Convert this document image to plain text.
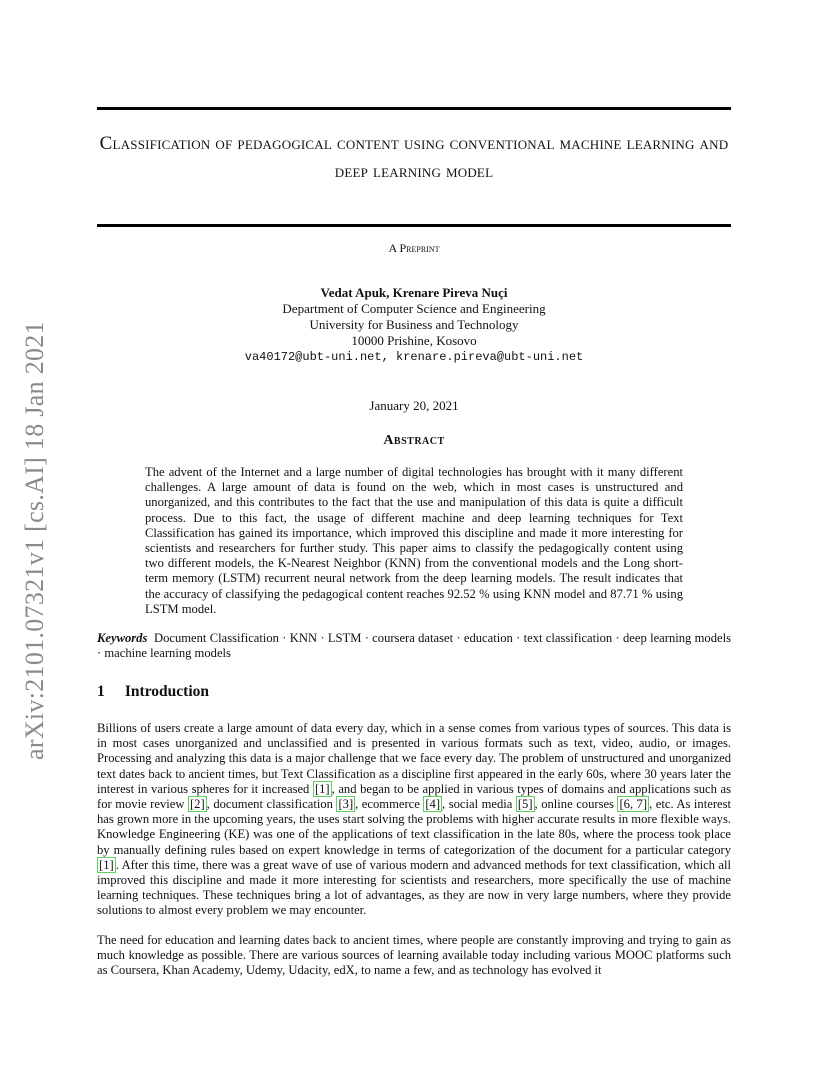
arXiv:2101.07321v1 [cs.AI] 18 Jan 2021
Classification of pedagogical content using conventional machine learning and deep learning model
A Preprint
Vedat Apuk, Krenare Pireva Nuçi
Department of Computer Science and Engineering
University for Business and Technology
10000 Prishine, Kosovo
va40172@ubt-uni.net, krenare.pireva@ubt-uni.net
January 20, 2021
Abstract
The advent of the Internet and a large number of digital technologies has brought with it many different challenges. A large amount of data is found on the web, which in most cases is unstructured and unorganized, and this contributes to the fact that the use and manipulation of this data is quite a difficult process. Due to this fact, the usage of different machine and deep learning techniques for Text Classification has gained its importance, which improved this discipline and made it more interesting for scientists and researchers for further study. This paper aims to classify the pedagogically content using two different models, the K-Nearest Neighbor (KNN) from the conventional models and the Long short-term memory (LSTM) recurrent neural network from the deep learning models. The result indicates that the accuracy of classifying the pedagogical content reaches 92.52 % using KNN model and 87.71 % using LSTM model.
Keywords Document Classification · KNN · LSTM · coursera dataset · education · text classification · deep learning models · machine learning models
1 Introduction
Billions of users create a large amount of data every day, which in a sense comes from various types of sources. This data is in most cases unorganized and unclassified and is presented in various formats such as text, video, audio, or images. Processing and analyzing this data is a major challenge that we face every day. The problem of unstructured and unorganized text dates back to ancient times, but Text Classification as a discipline first appeared in the early 60s, where 30 years later the interest in various spheres for it increased [1] , and began to be applied in various types of domains and applications such as for movie review [2] , document classification [3] , ecommerce [4] , social media [5] , online courses [6, 7] , etc. As interest has grown more in the upcoming years, the uses start solving the problems with higher accurate results in more flexible ways. Knowledge Engineering (KE) was one of the applications of text classification in the late 80s, where the process took place by manually defining rules based on expert knowledge in terms of categorization of the document for a particular category [1] . After this time, there was a great wave of use of various modern and advanced methods for text classification, which all improved this discipline and made it more interesting for scientists and researchers, more specifically the use of machine learning techniques. These techniques bring a lot of advantages, as they are now in very large numbers, where they provide solutions to almost every problem we may encounter.
The need for education and learning dates back to ancient times, where people are constantly improving and trying to gain as much knowledge as possible. There are various sources of learning available today including various MOOC platforms such as Coursera, Khan Academy, Udemy, Udacity, edX, to name a few, and as technology has evolved it
